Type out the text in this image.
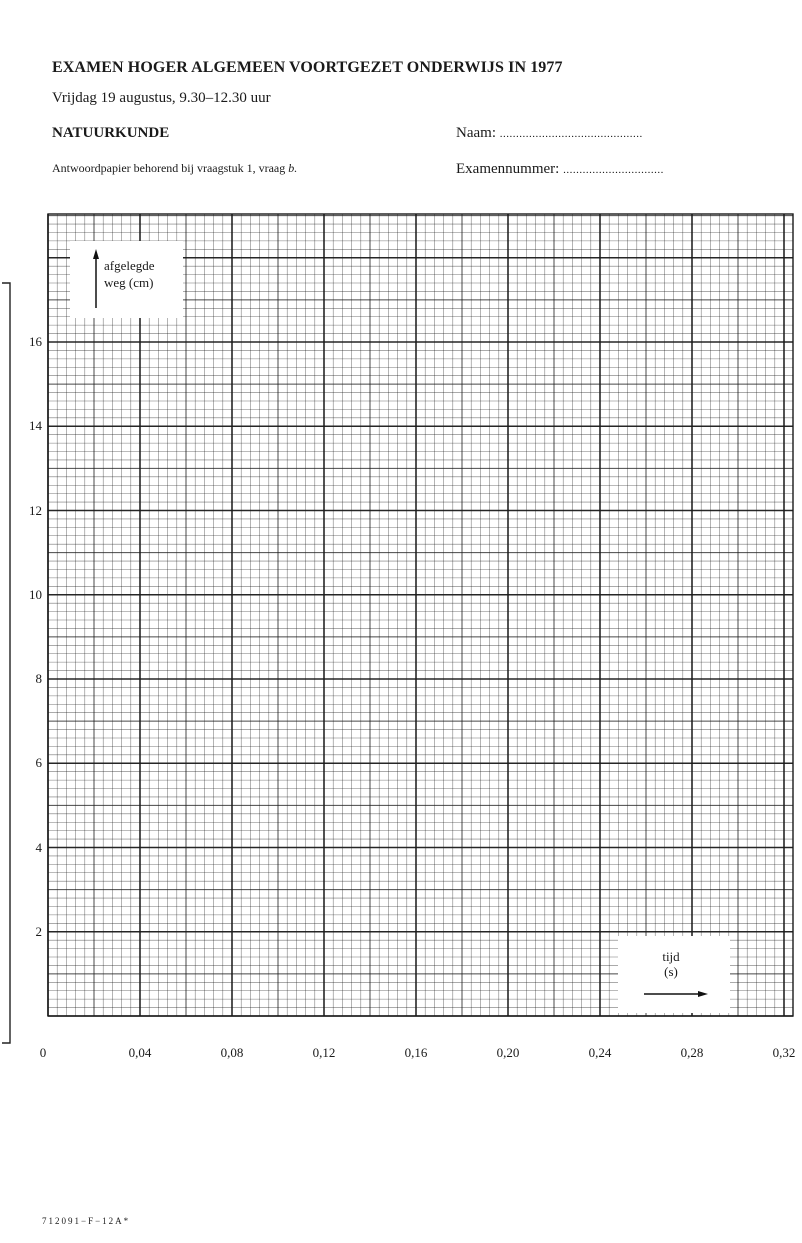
EXAMEN HOGER ALGEMEEN VOORTGEZET ONDERWIJS IN 1977
Vrijdag 19 augustus, 9.30–12.30 uur
NATUURKUNDE
Antwoordpapier behorend bij vraagstuk 1, vraag b.
Naam: ............................................
Examennummer: ...............................
afgelegde
weg (cm)
tijd
(s)
2
4
6
8
10
12
14
16
0	0,04	0,08	0,12	0,16	0,20	0,24	0,28	0,32
712091−F−12A*
